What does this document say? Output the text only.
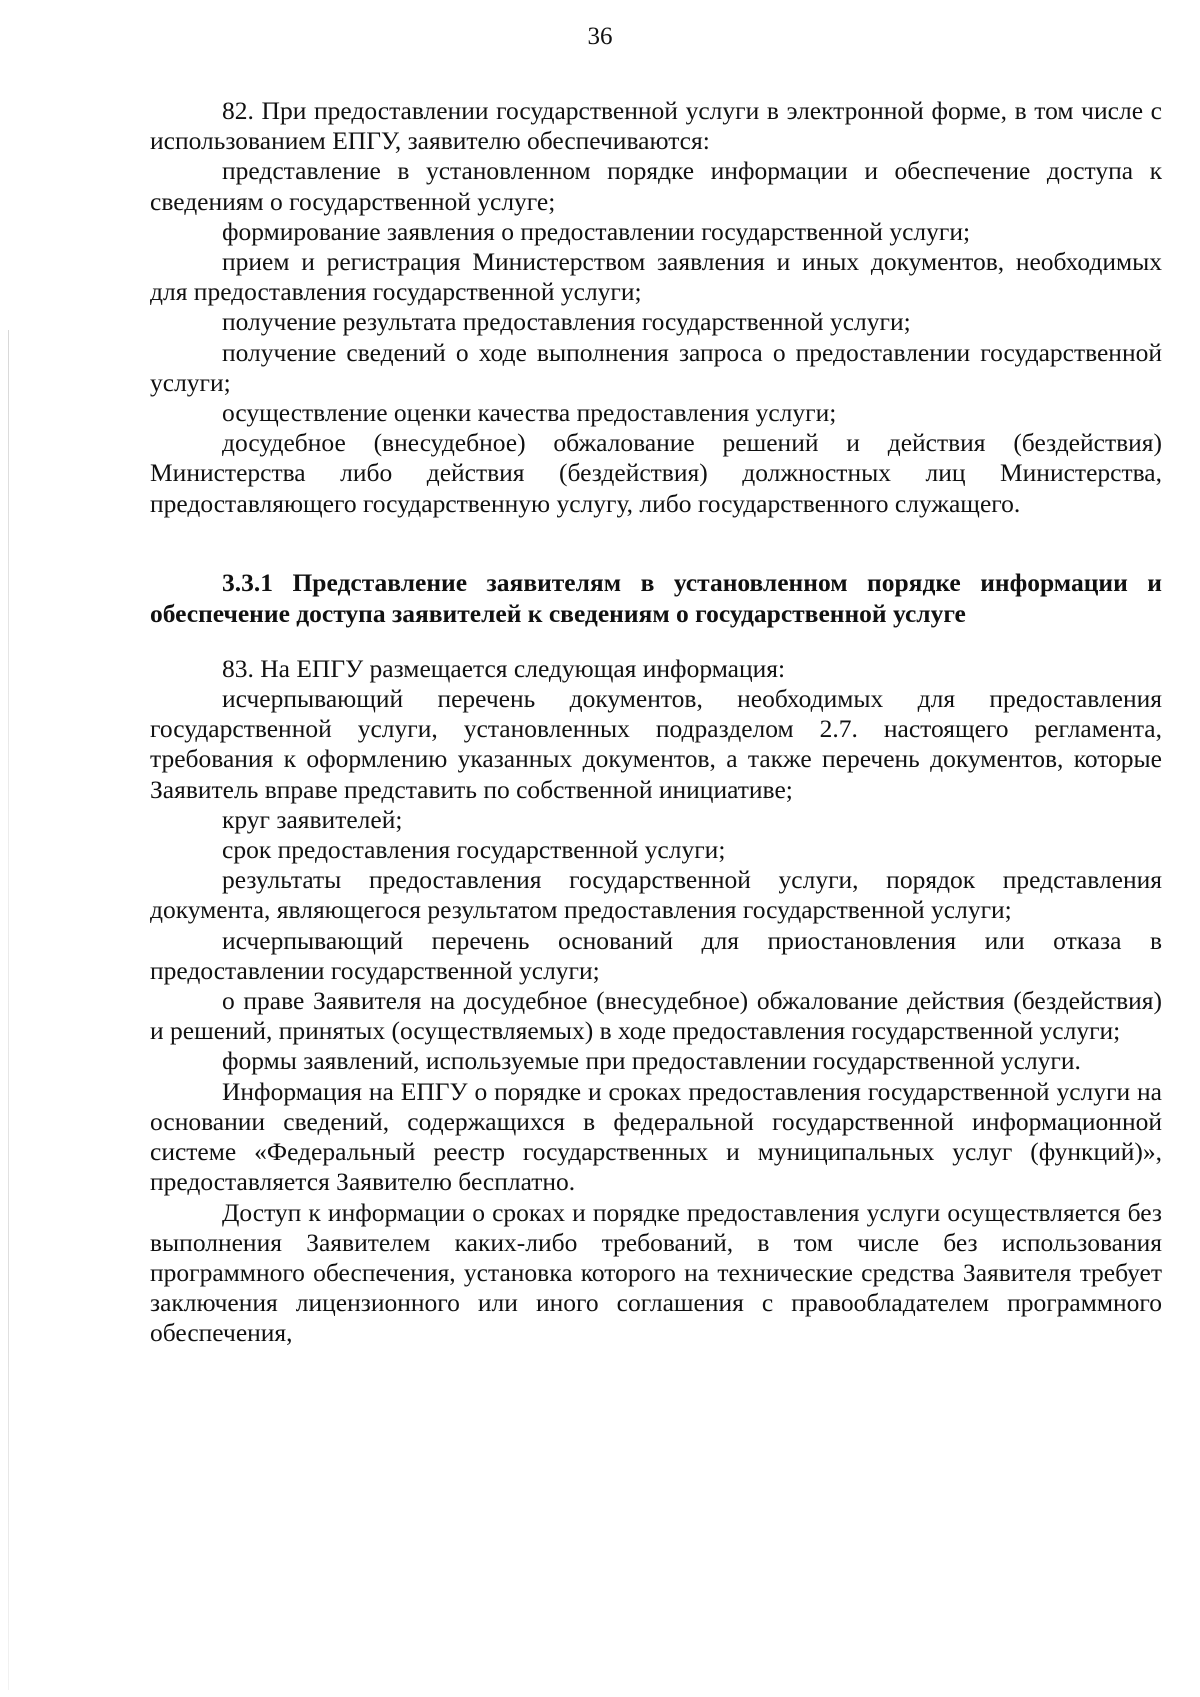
36

82. При предоставлении государственной услуги в электронной форме, в том числе с использованием ЕПГУ, заявителю обеспечиваются:

представление в установленном порядке информации и обеспечение доступа к сведениям о государственной услуге;

формирование заявления о предоставлении государственной услуги;

прием и регистрация Министерством заявления и иных документов, необходимых для предоставления государственной услуги;

получение результата предоставления государственной услуги;

получение сведений о ходе выполнения запроса о предоставлении государственной услуги;

осуществление оценки качества предоставления услуги;

досудебное (внесудебное) обжалование решений и действия (бездействия) Министерства либо действия (бездействия) должностных лиц Министерства, предоставляющего государственную услугу, либо государственного служащего.

3.3.1 Представление заявителям в установленном порядке информации и обеспечение доступа заявителей к сведениям о государственной услуге

83. На ЕПГУ размещается следующая информация:

исчерпывающий перечень документов, необходимых для предоставления государственной услуги, установленных подразделом 2.7. настоящего регламента, требования к оформлению указанных документов, а также перечень документов, которые Заявитель вправе представить по собственной инициативе;

круг заявителей;

срок предоставления государственной услуги;

результаты предоставления государственной услуги, порядок представления документа, являющегося результатом предоставления государственной услуги;

исчерпывающий перечень оснований для приостановления или отказа в предоставлении государственной услуги;

о праве Заявителя на досудебное (внесудебное) обжалование действия (бездействия) и решений, принятых (осуществляемых) в ходе предоставления государственной услуги;

формы заявлений, используемые при предоставлении государственной услуги.

Информация на ЕПГУ о порядке и сроках предоставления государственной услуги на основании сведений, содержащихся в федеральной государственной информационной системе «Федеральный реестр государственных и муниципальных услуг (функций)», предоставляется Заявителю бесплатно.

Доступ к информации о сроках и порядке предоставления услуги осуществляется без выполнения Заявителем каких-либо требований, в том числе без использования программного обеспечения, установка которого на технические средства Заявителя требует заключения лицензионного или иного соглашения с правообладателем программного обеспечения,
